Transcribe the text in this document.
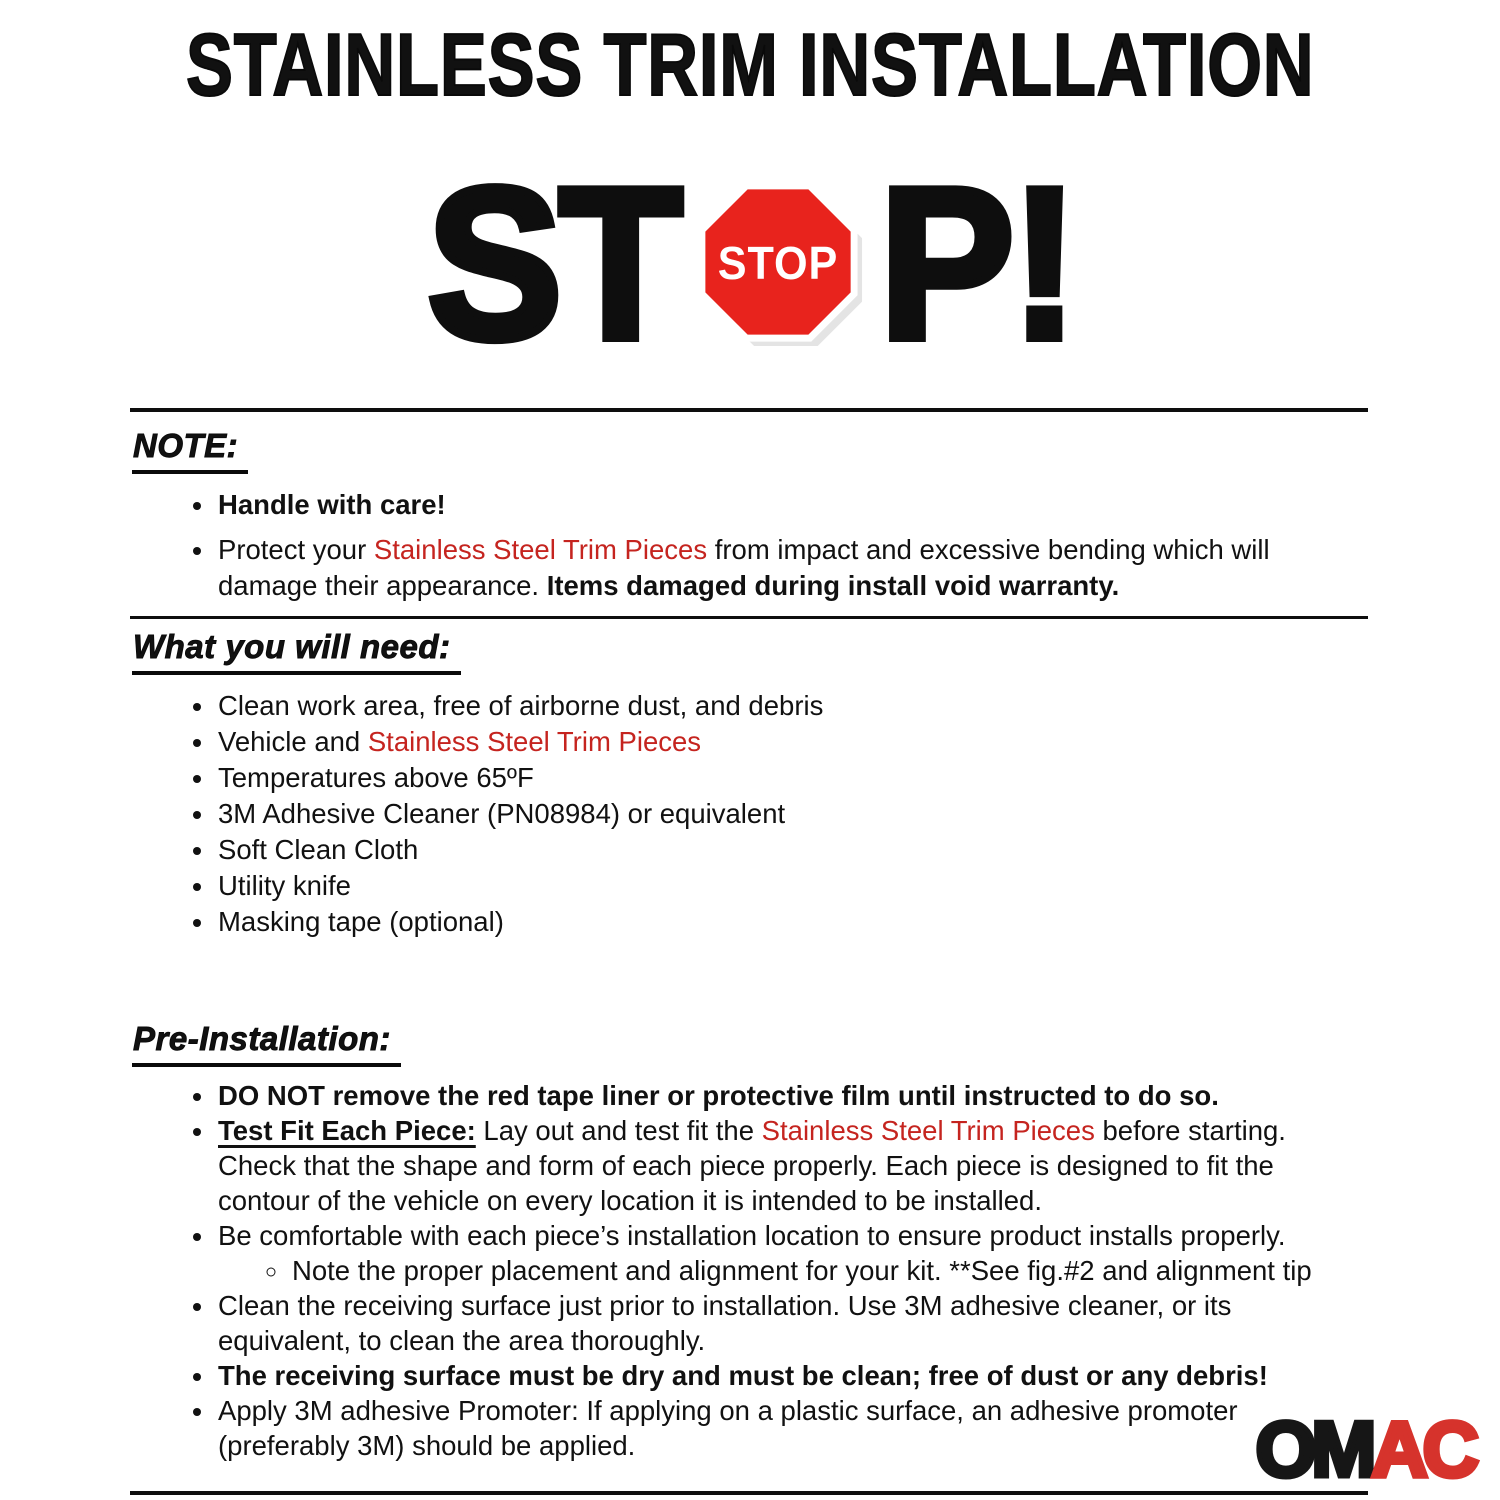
STAINLESS TRIM INSTALLATION
ST STOP P!
NOTE:
• Handle with care!
• Protect your Stainless Steel Trim Pieces from impact and excessive bending which will damage their appearance. Items damaged during install void warranty.
What you will need:
• Clean work area, free of airborne dust, and debris
• Vehicle and Stainless Steel Trim Pieces
• Temperatures above 65ºF
• 3M Adhesive Cleaner (PN08984) or equivalent
• Soft Clean Cloth
• Utility knife
• Masking tape (optional)
Pre-Installation:
• DO NOT remove the red tape liner or protective film until instructed to do so.
• Test Fit Each Piece: Lay out and test fit the Stainless Steel Trim Pieces before starting. Check that the shape and form of each piece properly. Each piece is designed to fit the contour of the vehicle on every location it is intended to be installed.
• Be comfortable with each piece’s installation location to ensure product installs properly.
◦ Note the proper placement and alignment for your kit. **See fig.#2 and alignment tip
• Clean the receiving surface just prior to installation. Use 3M adhesive cleaner, or its equivalent, to clean the area thoroughly.
• The receiving surface must be dry and must be clean; free of dust or any debris!
• Apply 3M adhesive Promoter: If applying on a plastic surface, an adhesive promoter (preferably 3M) should be applied.	OMAC
